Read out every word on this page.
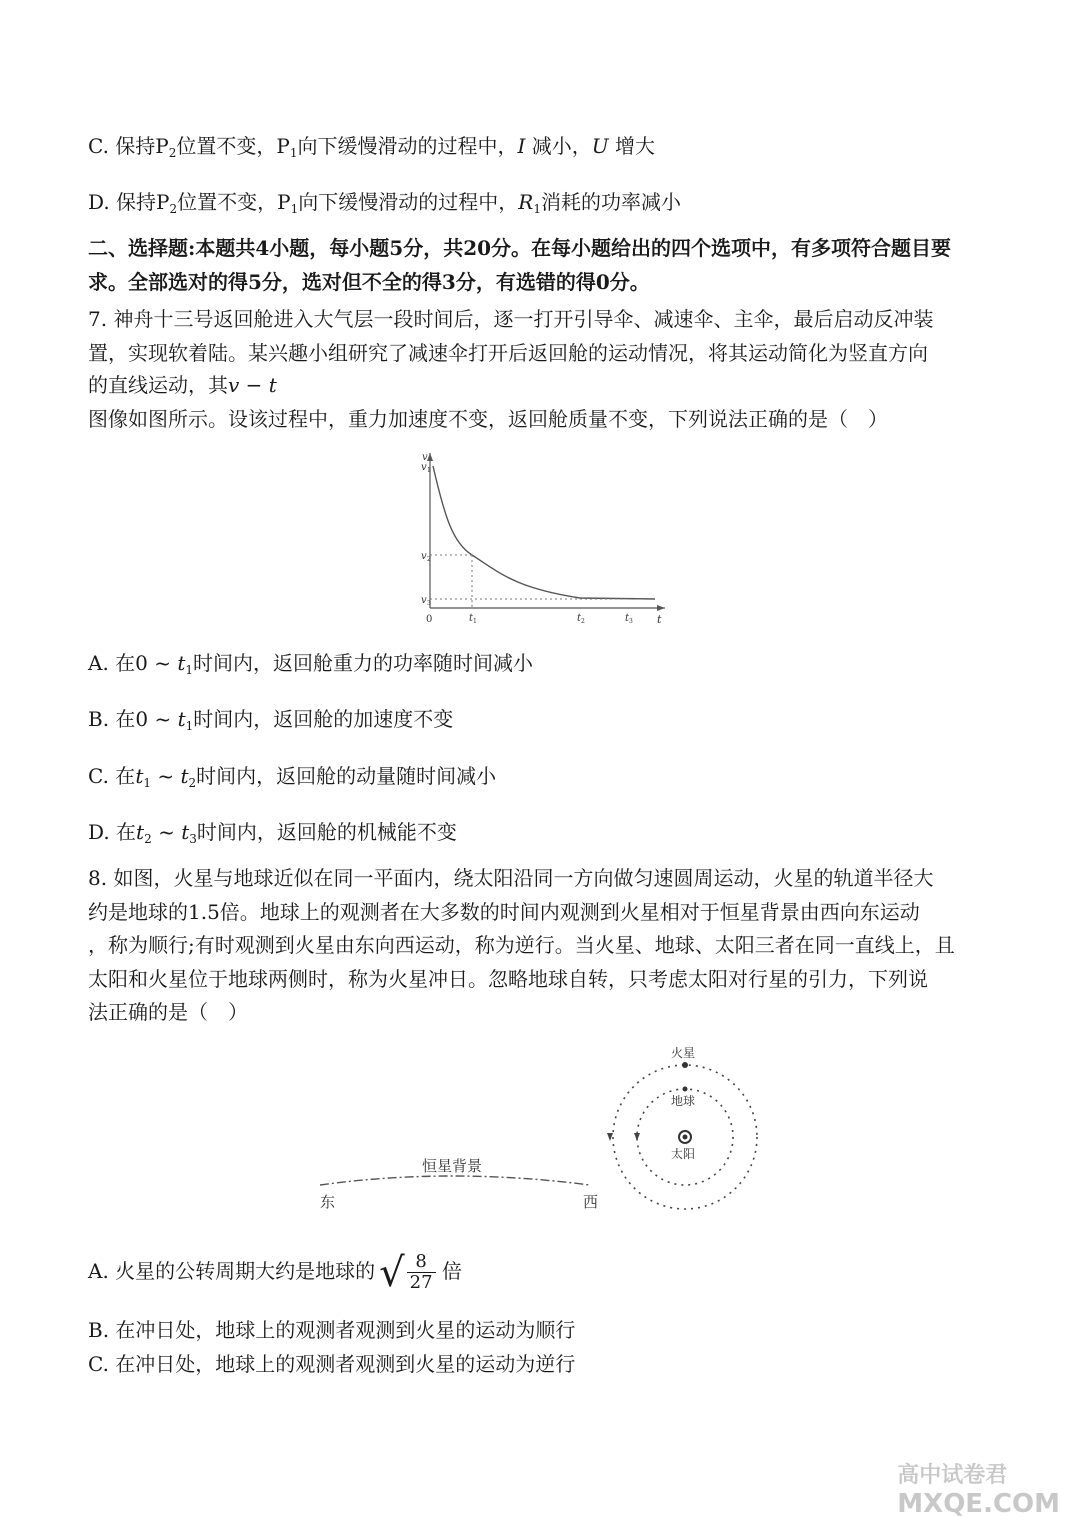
C. 保持$P_2$位置不变，$P_1$向下缓慢滑动的过程中，I 减小，U 增大
D. 保持$P_2$位置不变，$P_1$向下缓慢滑动的过程中，$R_1$消耗的功率减小
二、选择题:本题共4小题，每小题5分，共20分。在每小题给出的四个选项中，有多项符合题目要
求。全部选对的得5分，选对但不全的得3分，有选错的得0分。
7. 神舟十三号返回舱进入大气层一段时间后，逐一打开引导伞、减速伞、主伞，最后启动反冲装
置，实现软着陆。某兴趣小组研究了减速伞打开后返回舱的运动情况，将其运动简化为竖直方向
的直线运动，其v − t
图像如图所示。设该过程中，重力加速度不变，返回舱质量不变，下列说法正确的是（　）
v
v 1
v 2
v 3
0	t 1	t 2	t 3 t
A. 在0 ~ $t_1$时间内，返回舱重力的功率随时间减小
B. 在0 ~ $t_1$时间内，返回舱的加速度不变
C. 在$t_1$ ~ $t_2$时间内，返回舱的动量随时间减小
D. 在$t_2$ ~ $t_3$时间内，返回舱的机械能不变
8. 如图，火星与地球近似在同一平面内，绕太阳沿同一方向做匀速圆周运动，火星的轨道半径大
约是地球的1.5倍。地球上的观测者在大多数的时间内观测到火星相对于恒星背景由西向东运动
，称为顺行;有时观测到火星由东向西运动，称为逆行。当火星、地球、太阳三者在同一直线上，且
太阳和火星位于地球两侧时，称为火星冲日。忽略地球自转，只考虑太阳对行星的引力，下列说
法正确的是（　）
恒星背景
东	西
火星
地球
太阳
A. 火星的公转周期大约是地球的 √ $\frac{8}{27}$ 倍
B. 在冲日处，地球上的观测者观测到火星的运动为顺行
C. 在冲日处，地球上的观测者观测到火星的运动为逆行
高中试卷君
MXQE.COM
